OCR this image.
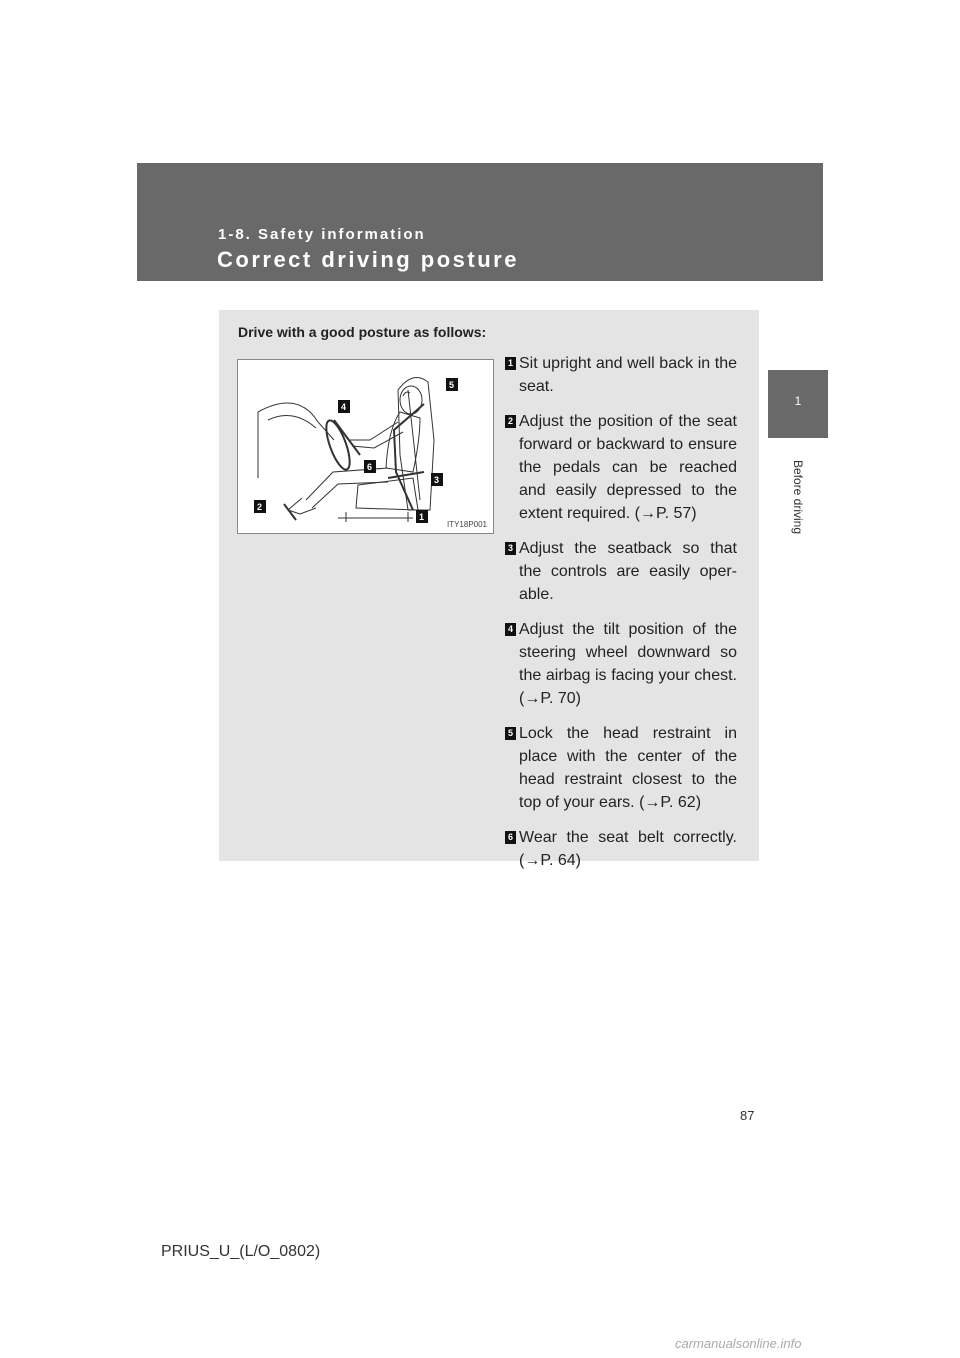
1-8. Safety information
Correct driving posture
1
Before driving
Drive with a good posture as follows:
1
2
3
4
5
6
ITY18P001
1 Sit upright and well back in the seat.
2 Adjust the position of the seat forward or backward to ensure the pedals can be reached and easily depressed to the extent required. (→P. 57)
3 Adjust the seatback so that the controls are easily oper-able.
4 Adjust the tilt position of the steering wheel downward so the airbag is facing your chest. (→P. 70)
5 Lock the head restraint in place with the center of the head restraint closest to the top of your ears. (→P. 62)
6 Wear the seat belt correctly. (→P. 64)
87
PRIUS_U_(L/O_0802)
carmanualsonline.info
